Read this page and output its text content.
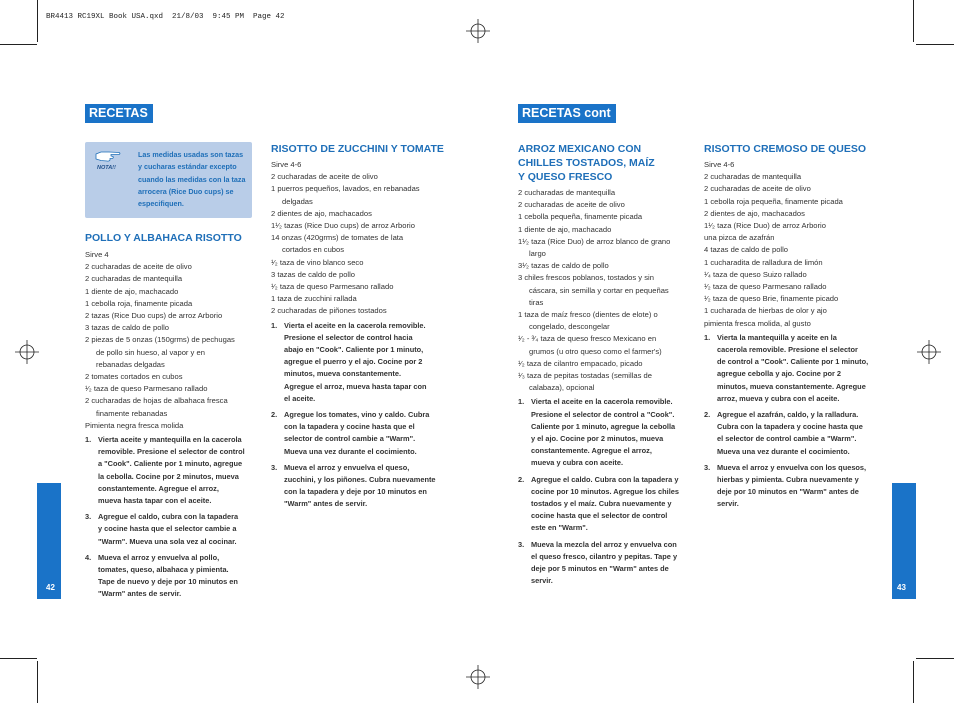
BR4413 RC19XL Book USA.qxd  21/8/03  9:45 PM  Page 42
42	43
RECETAS	RECETAS cont
NOTA!!
Las medidas usadas son tazas y cucharas estándar excepto cuando las medidas con la taza arrocera (Rice Duo cups) se especifiquen.
POLLO Y ALBAHACA RISOTTO
Sirve 4
2 cucharadas de aceite de olivo
2 cucharadas de mantequilla
1 diente de ajo, machacado
1 cebolla roja, finamente picada
2 tazas (Rice Duo cups) de arroz Arborio
3 tazas de caldo de pollo
2 piezas de 5 onzas (150grms) de pechugas
de pollo sin hueso, al vapor y en
rebanadas delgadas
2 tomates cortados en cubos
¹⁄₂ taza de queso Parmesano rallado
2 cucharadas de hojas de albahaca fresca
finamente rebanadas
Pimienta negra fresca molida
1. Vierta aceite y mantequilla en la cacerola
removible. Presione el selector de control
a "Cook". Caliente por 1 minuto, agregue
la cebolla. Cocine por 2 minutos, mueva
constantemente. Agregue el arroz,
mueva hasta tapar con el aceite.
3. Agregue el caldo, cubra con la tapadera
y cocine hasta que el selector cambie a
"Warm". Mueva una sola vez al cocinar.
4. Mueva el arroz y envuelva al pollo,
tomates, queso, albahaca y pimienta.
Tape de nuevo y deje por 10 minutos en
"Warm" antes de servir.
RISOTTO DE ZUCCHINI Y TOMATE
Sirve 4-6
2 cucharadas de aceite de olivo
1 puerros pequeños, lavados, en rebanadas
delgadas
2 dientes de ajo, machacados
1¹⁄₂ tazas (Rice Duo cups) de arroz Arborio
14 onzas (420grms) de tomates de lata
cortados en cubos
¹⁄₂ taza de vino blanco seco
3 tazas de caldo de pollo
¹⁄₂ taza de queso Parmesano rallado
1 taza de zucchini rallada
2 cucharadas de piñones tostados
1. Vierta el aceite en la cacerola removible.
Presione el selector de control hacia
abajo en "Cook". Caliente por 1 minuto,
agregue el puerro y el ajo. Cocine por 2
minutos, mueva constantemente.
Agregue el arroz, mueva hasta tapar con
el aceite.
2. Agregue los tomates, vino y caldo. Cubra
con la tapadera y cocine hasta que el
selector de control cambie a "Warm".
Mueva una vez durante el cocimiento.
3. Mueva el arroz y envuelva el queso,
zucchini, y los piñones. Cubra nuevamente
con la tapadera y deje por 10 minutos en
"Warm" antes de servir.
ARROZ MEXICANO CON
CHILLES TOSTADOS, MAÍZ
Y QUESO FRESCO
2 cucharadas de mantequilla
2 cucharadas de aceite de olivo
1 cebolla pequeña, finamente picada
1 diente de ajo, machacado
1¹⁄₂ taza (Rice Duo) de arroz blanco de grano
largo
3¹⁄₂ tazas de caldo de pollo
3 chiles frescos poblanos, tostados y sin
cáscara, sin semilla y cortar en pequeñas
tiras
1 taza de maíz fresco (dientes de elote) o
congelado, descongelar
¹⁄₂ - ³⁄₄ taza de queso fresco Mexicano en
grumos (u otro queso como el farmer's)
¹⁄₂ taza de cilantro empacado, picado
¹⁄₃ taza de pepitas tostadas (semillas de
calabaza), opcional
1. Vierta el aceite en la cacerola removible.
Presione el selector de control a "Cook".
Caliente por 1 minuto, agregue la cebolla
y el ajo. Cocine por 2 minutos, mueva
constantemente. Agregue el arroz,
mueva y cubra con aceite.
2. Agregue el caldo. Cubra con la tapadera y
cocine por 10 minutos. Agregue los chiles
tostados y el maíz. Cubra nuevamente y
cocine hasta que el selector de control
este en "Warm".
3. Mueva la mezcla del arroz y envuelva con
el queso fresco, cilantro y pepitas. Tape y
deje por 5 minutos en "Warm" antes de
servir.
RISOTTO CREMOSO DE QUESO
Sirve 4-6
2 cucharadas de mantequilla
2 cucharadas de aceite de olivo
1 cebolla roja pequeña, finamente picada
2 dientes de ajo, machacados
1¹⁄₂ taza (Rice Duo) de arroz Arborio
una pizca de azafrán
4 tazas de caldo de pollo
1 cucharadita de ralladura de limón
¹⁄₄ taza de queso Suizo rallado
¹⁄₂ taza de queso Parmesano rallado
¹⁄₂ taza de queso Brie, finamente picado
1 cucharada de hierbas de olor y ajo
pimienta fresca molida, al gusto
1. Vierta la mantequilla y aceite en la
cacerola removible. Presione el selector
de control a "Cook". Caliente por 1 minuto,
agregue cebolla y ajo. Cocine por 2
minutos, mueva constantemente. Agregue
arroz, mueva y cubra con el aceite.
2. Agregue el azafrán, caldo, y la ralladura.
Cubra con la tapadera y cocine hasta que
el selector de control cambie a "Warm".
Mueva una vez durante el cocimiento.
3. Mueva el arroz y envuelva con los quesos,
hierbas y pimienta. Cubra nuevamente y
deje por 10 minutos en "Warm" antes de
servir.
